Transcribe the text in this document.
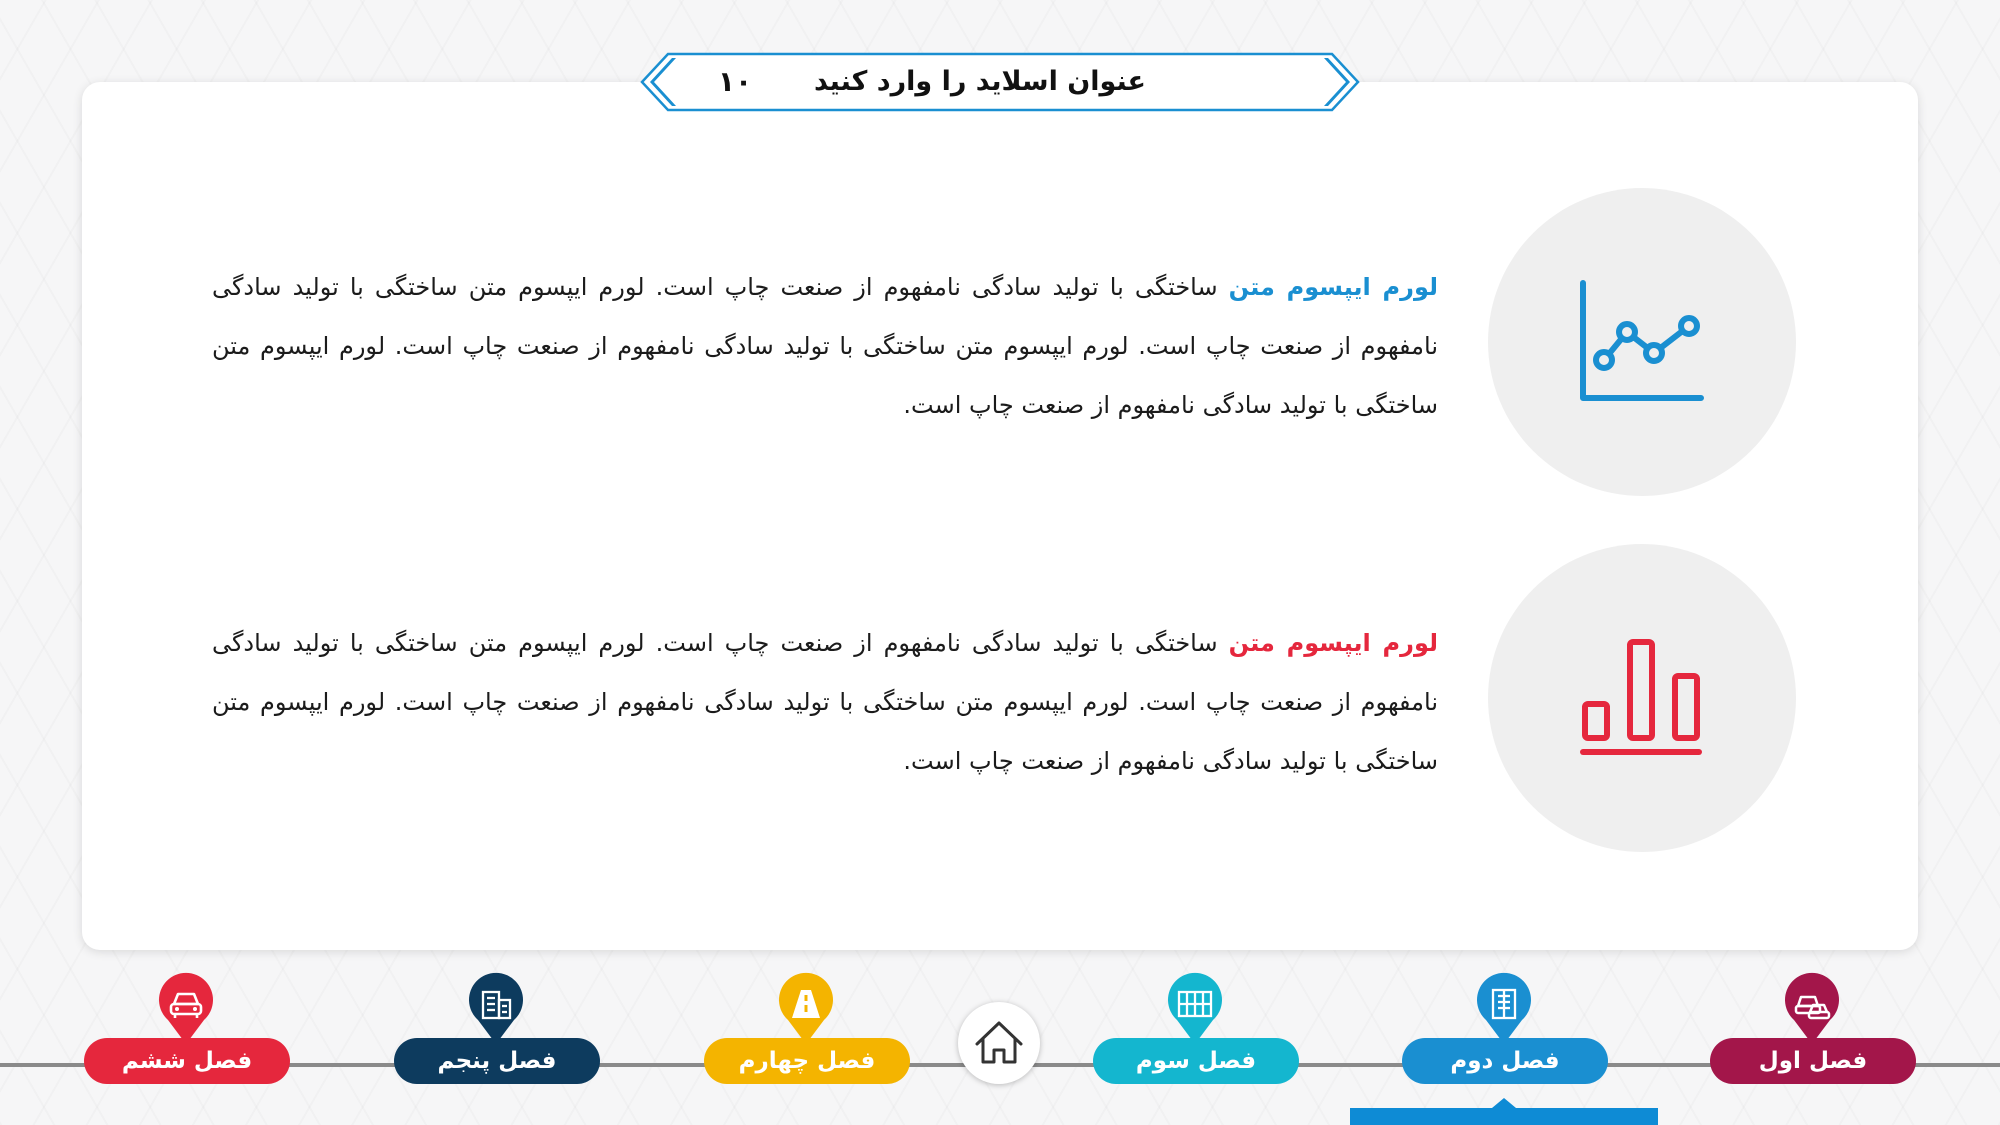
۱۰	عنوان اسلاید را وارد کنید
لورم ایپسوم متن ساختگی با تولید سادگی نامفهوم از صنعت چاپ است. لورم ایپسوم متن ساختگی با تولید سادگی نامفهوم از صنعت چاپ است. لورم ایپسوم متن ساختگی با تولید سادگی نامفهوم از صنعت چاپ است. لورم ایپسوم متن ساختگی با تولید سادگی نامفهوم از صنعت چاپ است.
لورم ایپسوم متن ساختگی با تولید سادگی نامفهوم از صنعت چاپ است. لورم ایپسوم متن ساختگی با تولید سادگی نامفهوم از صنعت چاپ است. لورم ایپسوم متن ساختگی با تولید سادگی نامفهوم از صنعت چاپ است. لورم ایپسوم متن ساختگی با تولید سادگی نامفهوم از صنعت چاپ است.
فصل اول
فصل دوم
فصل سوم
فصل چهارم
فصل پنجم
فصل ششم
